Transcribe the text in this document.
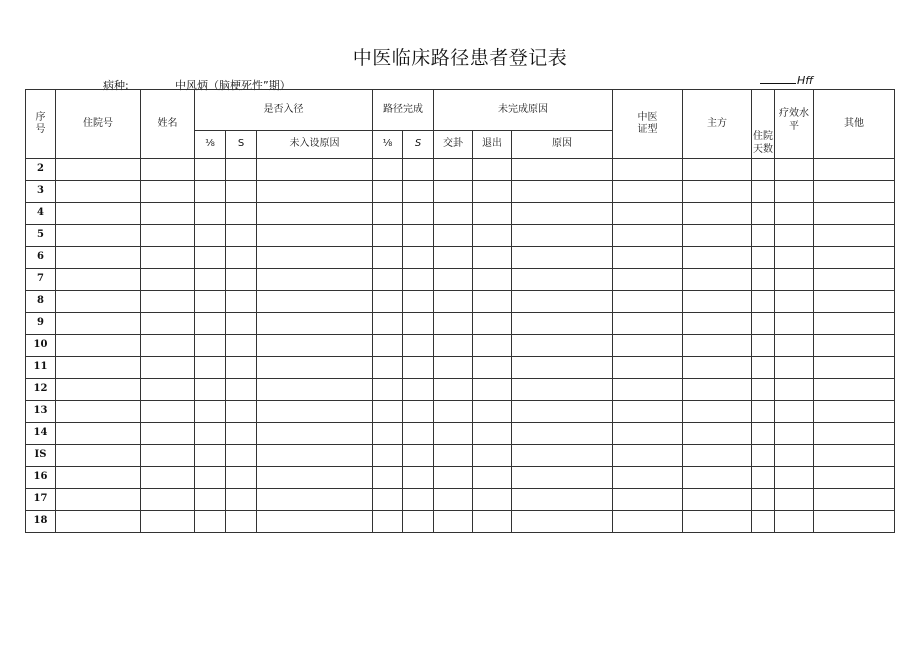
中医临床路径患者登记表
病种:	中风炳（脑梗死性”期）	Hff
序号	住院号	姓名	是否入径			路径完成		未完成原因			中医证型	主方	住院天数	疗效水平	其他
			⅛	S	未入设原因	⅛	S	交卦	退出	原因					
2															
3															
4															
5															
6															
7															
8															
9															
10															
11															
12															
13															
14															
IS															
16															
17															
18															
